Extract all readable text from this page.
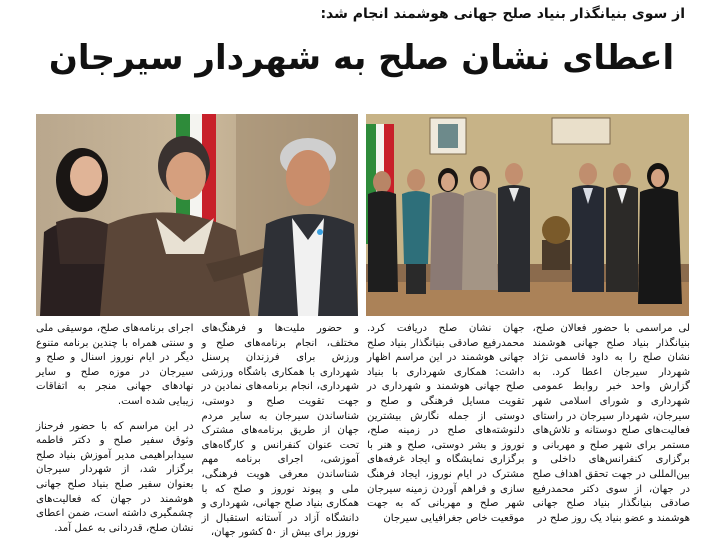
از سوی بنیانگذار بنیاد صلح جهانی هوشمند انجام شد:
اعطای نشان صلح به شهردار سیرجان

لی مراسمی با حضور فعالان صلح، بنیانگذار بنیاد صلح جهانی هوشمند نشان صلح را به داود قاسمی نژاد شهردار سیرجان اعطا کرد. به گزارش واحد خبر روابط عمومی شهرداری و شورای اسلامی شهر سیرجان، شهردار سیرجان در راستای فعالیت‌های صلح دوستانه و تلاش‌های مستمر برای شهر صلح و مهربانی و برگزاری کنفرانس‌های داخلی و بین‌المللی در جهت تحقق اهداف صلح در جهان، از سوی دکتر محمدرفیع صادقی بنیانگذار بنیاد صلح جهانی هوشمند و عضو بنیاد یک روز صلح در

جهان نشان صلح دریافت کرد. محمدرفیع صادقی بنیانگذار بنیاد صلح جهانی هوشمند در این مراسم اظهار داشت: همکاری شهرداری با بنیاد صلح جهانی هوشمند و شهرداری در تقویت مسایل فرهنگی و صلح و دوستی از جمله نگارش بیشترین دلنوشته‌های صلح در زمینه صلح، نوروز و بشر دوستی، صلح و هنر با برگزاری نمایشگاه و ایجاد غرفه‌های مشترک در ایام نوروز، ایجاد فرهنگ سازی و فراهم آوردن زمینه سیرجان شهر صلح و مهربانی که به جهت موقعیت خاص جغرافیایی سیرجان

و حضور ملیت‌ها و فرهنگ‌های مختلف، انجام برنامه‌های صلح و ورزش برای فرزندان پرسنل شهرداری با همکاری باشگاه ورزشی شهرداری، انجام برنامه‌های نمادین در جهت تقویت صلح و دوستی، شناساندن سیرجان به سایر مردم جهان از طریق برنامه‌های مشترک تحت عنوان کنفرانس و کارگاه‌های آموزشی، اجرای برنامه مهم شناساندن معرفی هویت فرهنگی، ملی و پیوند نوروز و صلح که با همکاری بنیاد صلح جهانی، شهرداری و دانشگاه آزاد در آستانه استقبال از نوروز برای بیش از ۵۰ کشور جهان،

اجرای برنامه‌های صلح، موسیقی ملی و سنتی همراه با چندین برنامه متنوع دیگر در ایام نوروز اسنال و صلح و سیرجان در موزه صلح و سایر نهادهای جهانی منجر به اتفاقات زیبایی شده است.

در این مراسم که با حضور فرحناز وثوق سفیر صلح و دکتر فاطمه سیدابراهیمی مدیر آموزش بنیاد صلح برگزار شد، از شهردار سیرجان بعنوان سفیر صلح بنیاد صلح جهانی هوشمند در جهان که فعالیت‌های چشمگیری داشته است، ضمن اعطای نشان صلح، قدردانی به عمل آمد.
